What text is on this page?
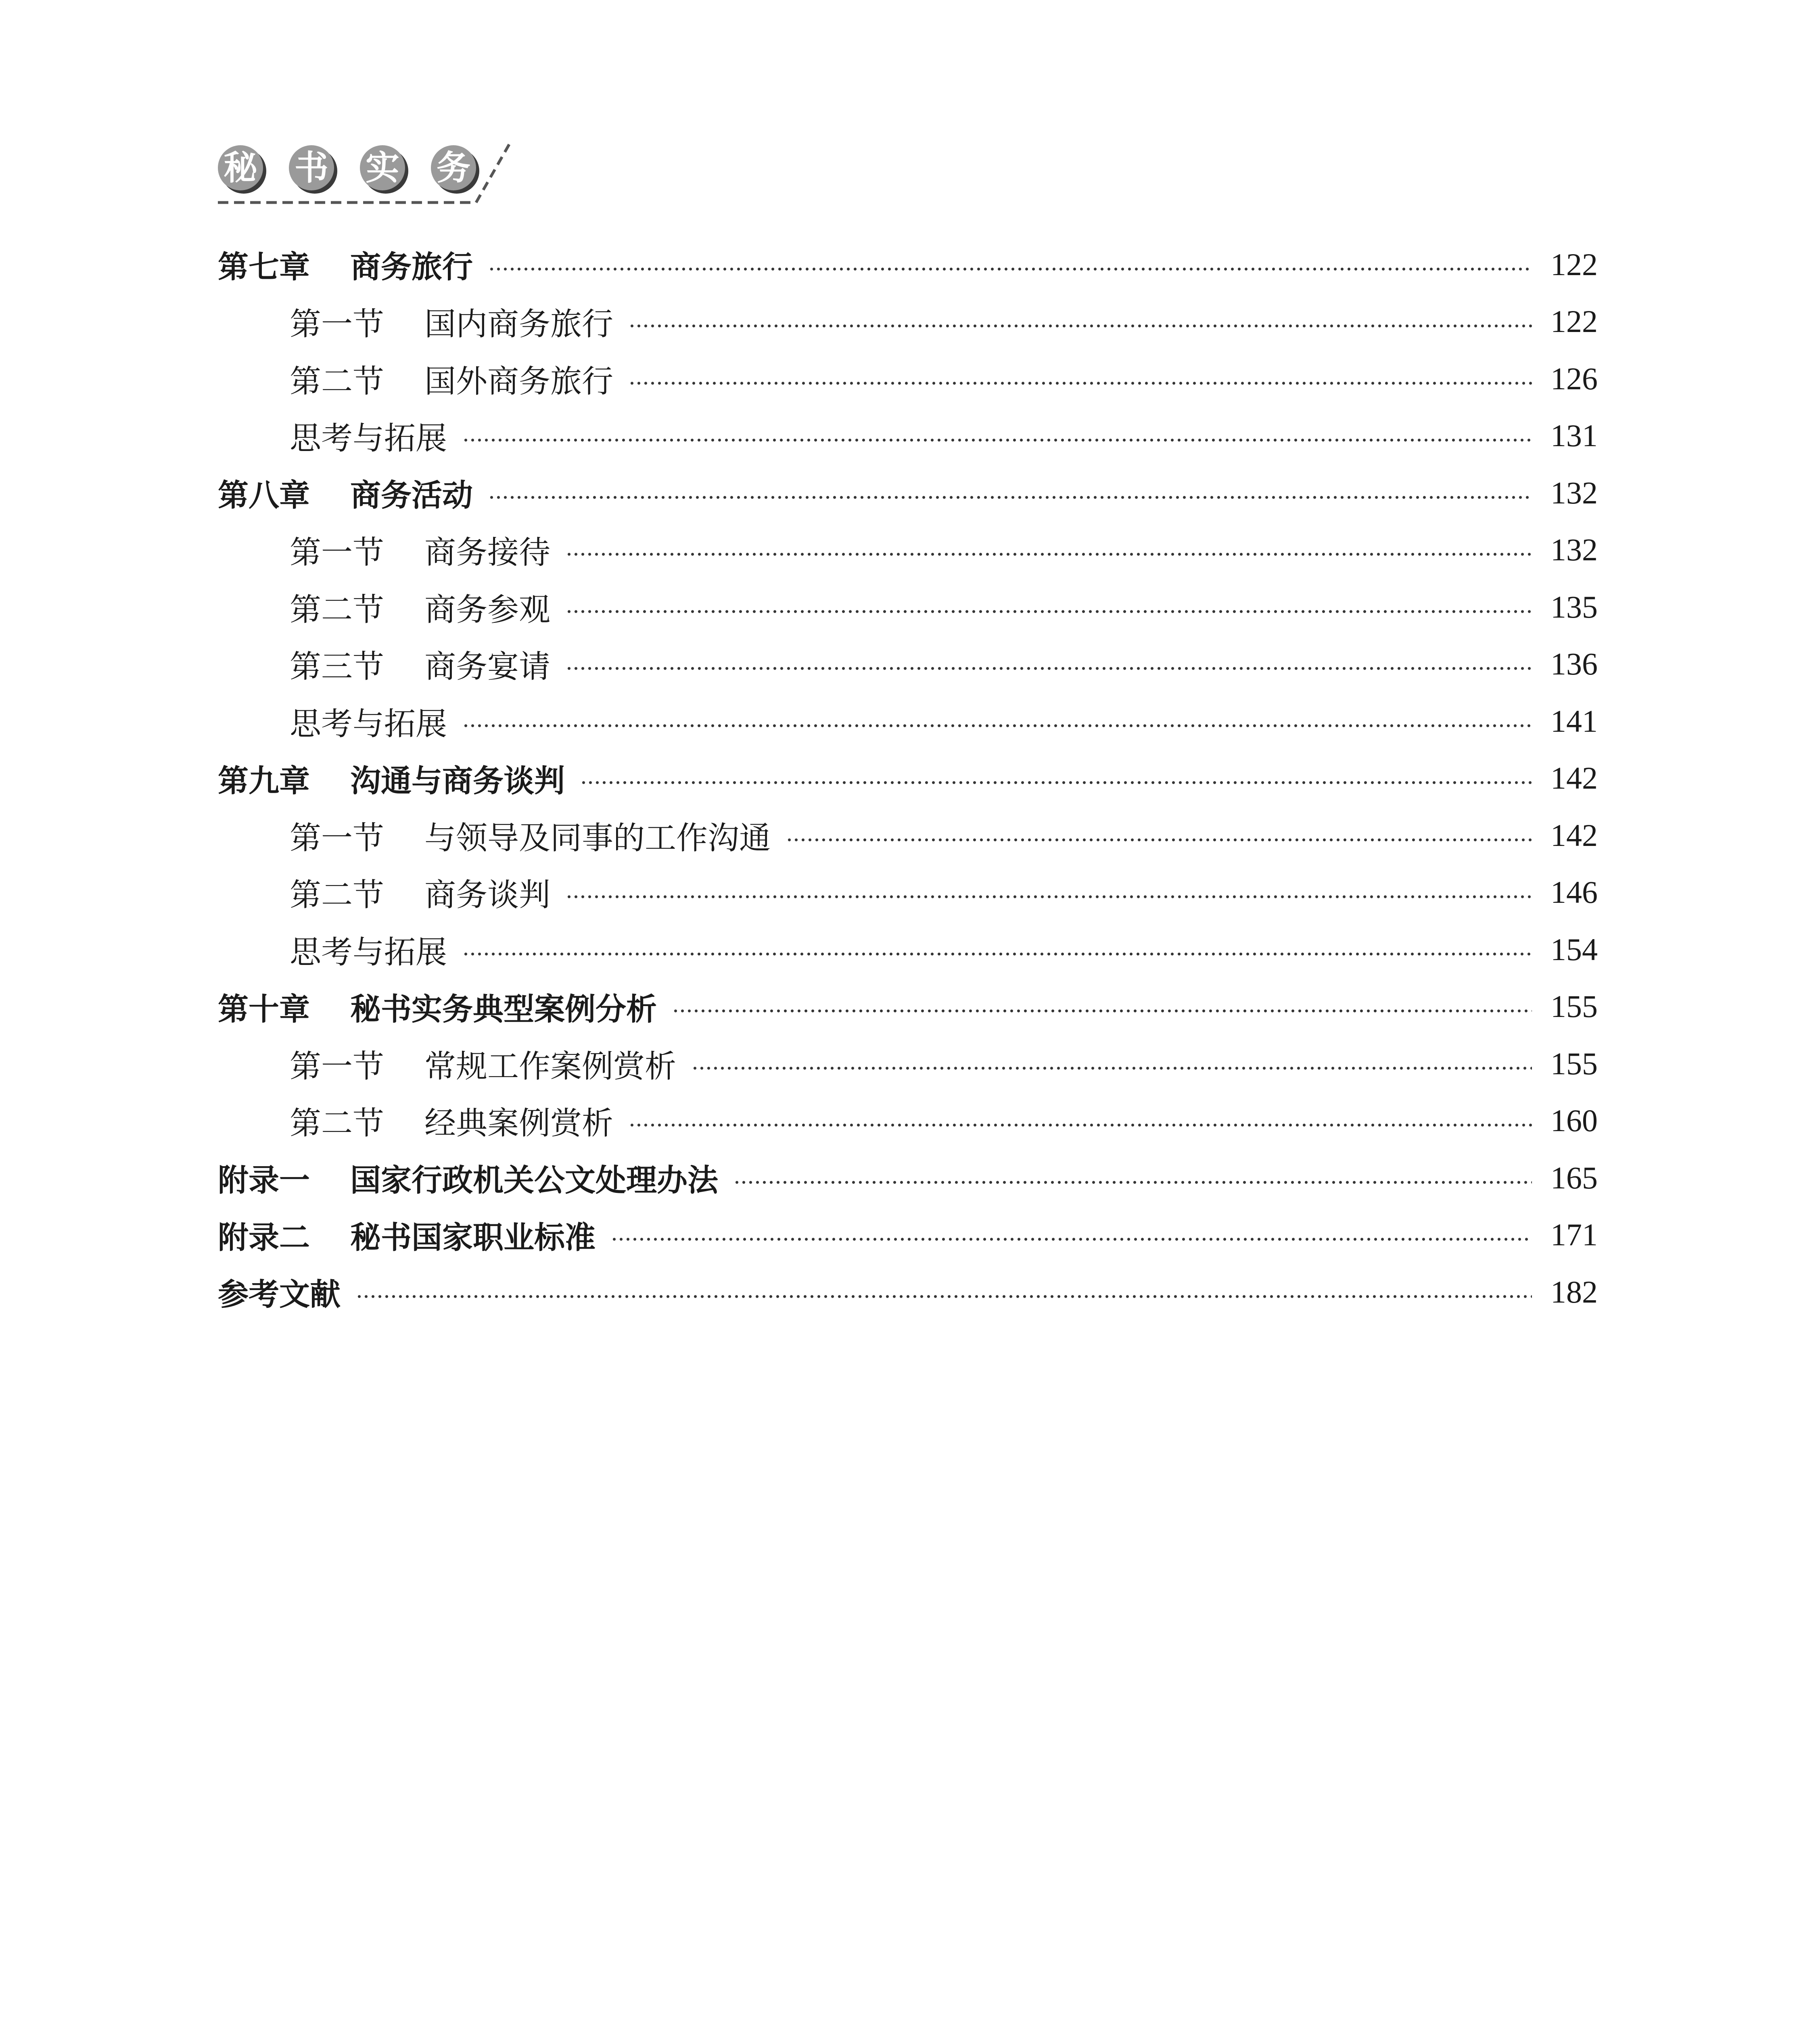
秘 书 实 务
第七章 商务旅行	122
第一节 国内商务旅行	122
第二节 国外商务旅行	126
思考与拓展	131
第八章 商务活动	132
第一节 商务接待	132
第二节 商务参观	135
第三节 商务宴请	136
思考与拓展	141
第九章 沟通与商务谈判	142
第一节 与领导及同事的工作沟通	142
第二节 商务谈判	146
思考与拓展	154
第十章 秘书实务典型案例分析	155
第一节 常规工作案例赏析	155
第二节 经典案例赏析	160
附录一 国家行政机关公文处理办法	165
附录二 秘书国家职业标准	171
参考文献	182
